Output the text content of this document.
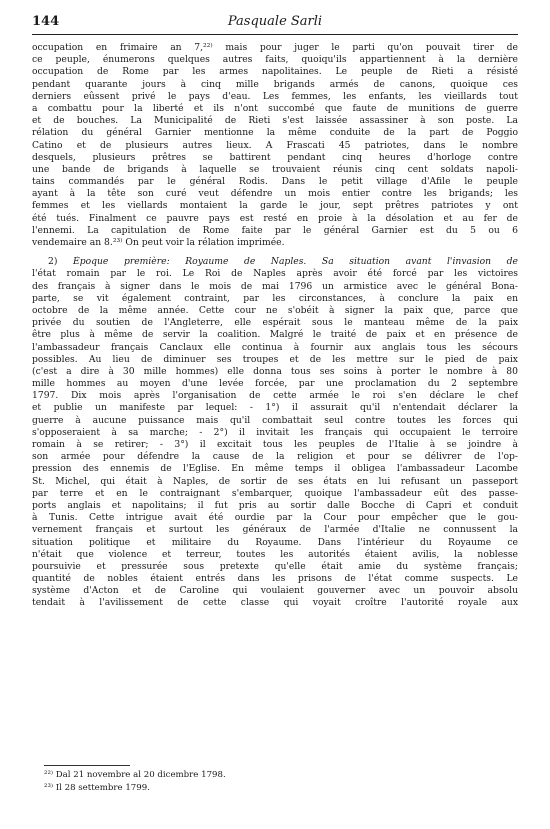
144	Pasquale Sarli
occupation en frimaire an 7,²²⁾ mais pour juger le parti qu'on pouvait tirer de
ce peuple, énumerons quelques autres faits, quoiqu'ils appartiennent à la dernière
occupation de Rome par les armes napolitaines. Le peuple de Rieti a résisté
pendant quarante jours à cinq mille brigands armés de canons, quoique ces
derniers eûssent privé le pays d'eau. Les femmes, les enfants, les vieillards tout
a combattu pour la liberté et ils n'ont succombé que faute de munitions de guerre
et de bouches. La Municipalité de Rieti s'est laissée assassiner à son poste. La
rélation du général Garnier mentionne la même conduite de la part de Poggio
Catino et de plusieurs autres lieux. A Frascati 45 patriotes, dans le nombre
desquels, plusieurs prêtres se battirent pendant cinq heures d'horloge contre
une bande de brigands à laquelle se trouvaient réunis cinq cent soldats napoli-
tains commandés par le général Rodis. Dans le petit village d'Afile le peuple
ayant à la tête son curé veut défendre un mois entier contre les brigands; les
femmes et les viellards montaient la garde le jour, sept prêtres patriotes y ont
été tués. Finalment ce pauvre pays est resté en proie à la désolation et au fer de
l'ennemi. La capitulation de Rome faite par le général Garnier est du 5 ou 6
vendemaire an 8.²³⁾ On peut voir la rélation imprimée.
2) Époque première: Royaume de Naples. Sa situation avant l'invasion de
l'état romain par le roi. Le Roi de Naples après avoir été forcé par les victoires
des français à signer dans le mois de mai 1796 un armistice avec le général Bona-
parte, se vit également contraint, par les circonstances, à conclure la paix en
octobre de la même année. Cette cour ne s'obéit à signer la paix que, parce que
privée du soutien de l'Angleterre, elle espérait sous le manteau même de la paix
être plus à même de servir la coalition. Malgré le traité de paix et en présence de
l'ambassadeur français Canclaux elle continua à fournir aux anglais tous les sécours
possibles. Au lieu de diminuer ses troupes et de les mettre sur le pied de paix
(c'est a dire à 30 mille hommes) elle donna tous ses soins à porter le nombre à 80
mille hommes au moyen d'une levée forcée, par une proclamation du 2 septembre
1797. Dix mois après l'organisation de cette armée le roi s'en déclare le chef
et publie un manifeste par lequel: - 1°) il assurait qu'il n'entendait déclarer la
guerre à aucune puissance mais qu'il combattait seul contre toutes les forces qui
s'opposeraient à sa marche; - 2°) il invitait les français qui occupaient le terroire
romain à se retirer; - 3°) il excitait tous les peuples de l'Italie à se joindre à
son armée pour défendre la cause de la religion et pour se délivrer de l'op-
pression des ennemis de l'Eglise. En même temps il obligea l'ambassadeur Lacombe
St. Michel, qui était à Naples, de sortir de ses états en lui refusant un passeport
par terre et en le contraignant s'embarquer, quoique l'ambassadeur eût des passe-
ports anglais et napolitains; il fut pris au sortir dalle Bocche di Capri et conduit
à Tunis. Cette intrigue avait été ourdie par la Cour pour empêcher que le gou-
vernement français et surtout les généraux de l'armée d'Italie ne connussent la
situation politique et militaire du Royaume. Dans l'intérieur du Royaume ce
n'était que violence et terreur, toutes les autorités étaient avilis, la noblesse
poursuivie et pressurée sous pretexte qu'elle était amie du système français;
quantité de nobles étaient entrés dans les prisons de l'état comme suspects. Le
système d'Acton et de Caroline qui voulaient gouverner avec un pouvoir absolu
tendait à l'avilissement de cette classe qui voyait croître l'autorité royale aux
²²⁾ Dal 21 novembre al 20 dicembre 1798.
²³⁾ Il 28 settembre 1799.
